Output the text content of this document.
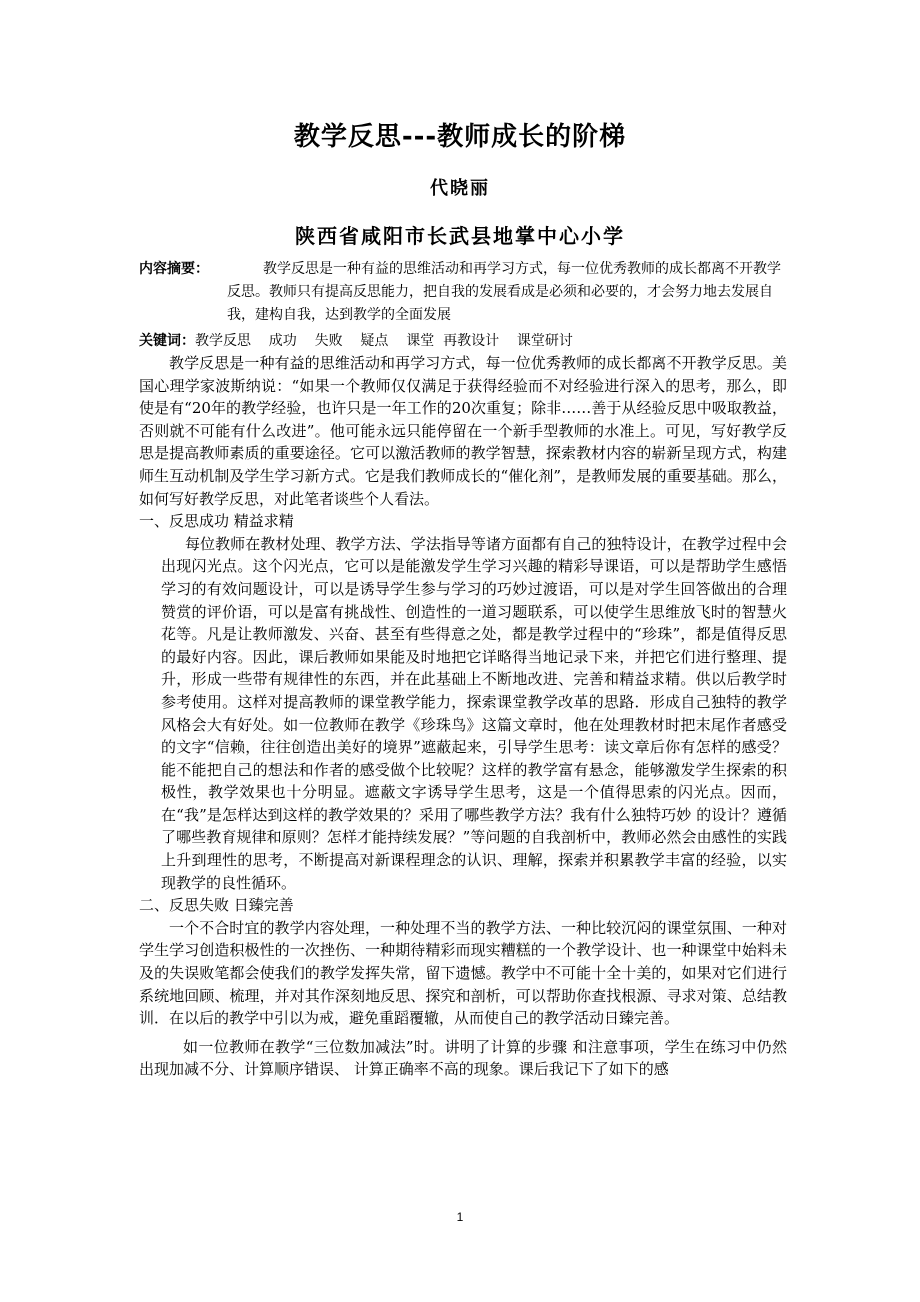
教学反思---教师成长的阶梯
代晓丽
陕西省咸阳市长武县地掌中心小学
内容摘要：	教学反思是一种有益的思维活动和再学习方式，每一位优秀教师的成长都离不开教学反思。教师只有提高反思能力，把自我的发展看成是必须和必要的，才会努力地去发展自我，建构自我，达到教学的全面发展
关键词：教学反思    成功    失败    疑点    课堂  再教设计    课堂研讨

教学反思是一种有益的思维活动和再学习方式，每一位优秀教师的成长都离不开教学反思。美国心理学家波斯纳说：“如果一个教师仅仅满足于获得经验而不对经验进行深入的思考，那么，即使是有“20年的教学经验，也许只是一年工作的20次重复；除非……善于从经验反思中吸取教益，否则就不可能有什么改进”。他可能永远只能停留在一个新手型教师的水准上。可见，写好教学反思是提高教师素质的重要途径。它可以激活教师的教学智慧，探索教材内容的崭新呈现方式，构建师生互动机制及学生学习新方式。它是我们教师成长的“催化剂”，是教师发展的重要基础。那么，如何写好教学反思，对此笔者谈些个人看法。

一、反思成功 精益求精

每位教师在教材处理、教学方法、学法指导等诸方面都有自己的独特设计，在教学过程中会出现闪光点。这个闪光点，它可以是能激发学生学习兴趣的精彩导课语，可以是帮助学生感悟学习的有效问题设计，可以是诱导学生参与学习的巧妙过渡语，可以是对学生回答做出的合理赞赏的评价语，可以是富有挑战性、创造性的一道习题联系，可以使学生思维放飞时的智慧火花等。凡是让教师激发、兴奋、甚至有些得意之处，都是教学过程中的“珍珠”，都是值得反思的最好内容。因此，课后教师如果能及时地把它详略得当地记录下来，并把它们进行整理、提升，形成一些带有规律性的东西，并在此基础上不断地改进、完善和精益求精。供以后教学时参考使用。这样对提高教师的课堂教学能力，探索课堂教学改革的思路．形成自己独特的教学风格会大有好处。如一位教师在教学《珍珠鸟》这篇文章时，他在处理教材时把末尾作者感受的文字“信赖，往往创造出美好的境界”遮蔽起来，引导学生思考：读文章后你有怎样的感受？能不能把自己的想法和作者的感受做个比较呢？这样的教学富有悬念，能够激发学生探索的积极性，教学效果也十分明显。遮蔽文字诱导学生思考，这是一个值得思索的闪光点。因而，在“我”是怎样达到这样的教学效果的？采用了哪些教学方法？我有什么独特巧妙 的设计？遵循了哪些教育规律和原则？怎样才能持续发展？”等问题的自我剖析中，教师必然会由感性的实践上升到理性的思考，不断提高对新课程理念的认识、理解，探索并积累教学丰富的经验，以实现教学的良性循环。

二、反思失败 日臻完善

一个不合时宜的教学内容处理，一种处理不当的教学方法、一种比较沉闷的课堂氛围、一种对学生学习创造积极性的一次挫伤、一种期待精彩而现实糟糕的一个教学设计、也一种课堂中始料未及的失误败笔都会使我们的教学发挥失常，留下遗憾。教学中不可能十全十美的，如果对它们进行系统地回顾、梳理，并对其作深刻地反思、探究和剖析，可以帮助你查找根源、寻求对策、总结教训．在以后的教学中引以为戒，避免重蹈覆辙，从而使自己的教学活动日臻完善。

如一位教师在教学“三位数加减法”时。讲明了计算的步骤 和注意事项，学生在练习中仍然出现加减不分、计算顺序错误、 计算正确率不高的现象。课后我记下了如下的感

1
